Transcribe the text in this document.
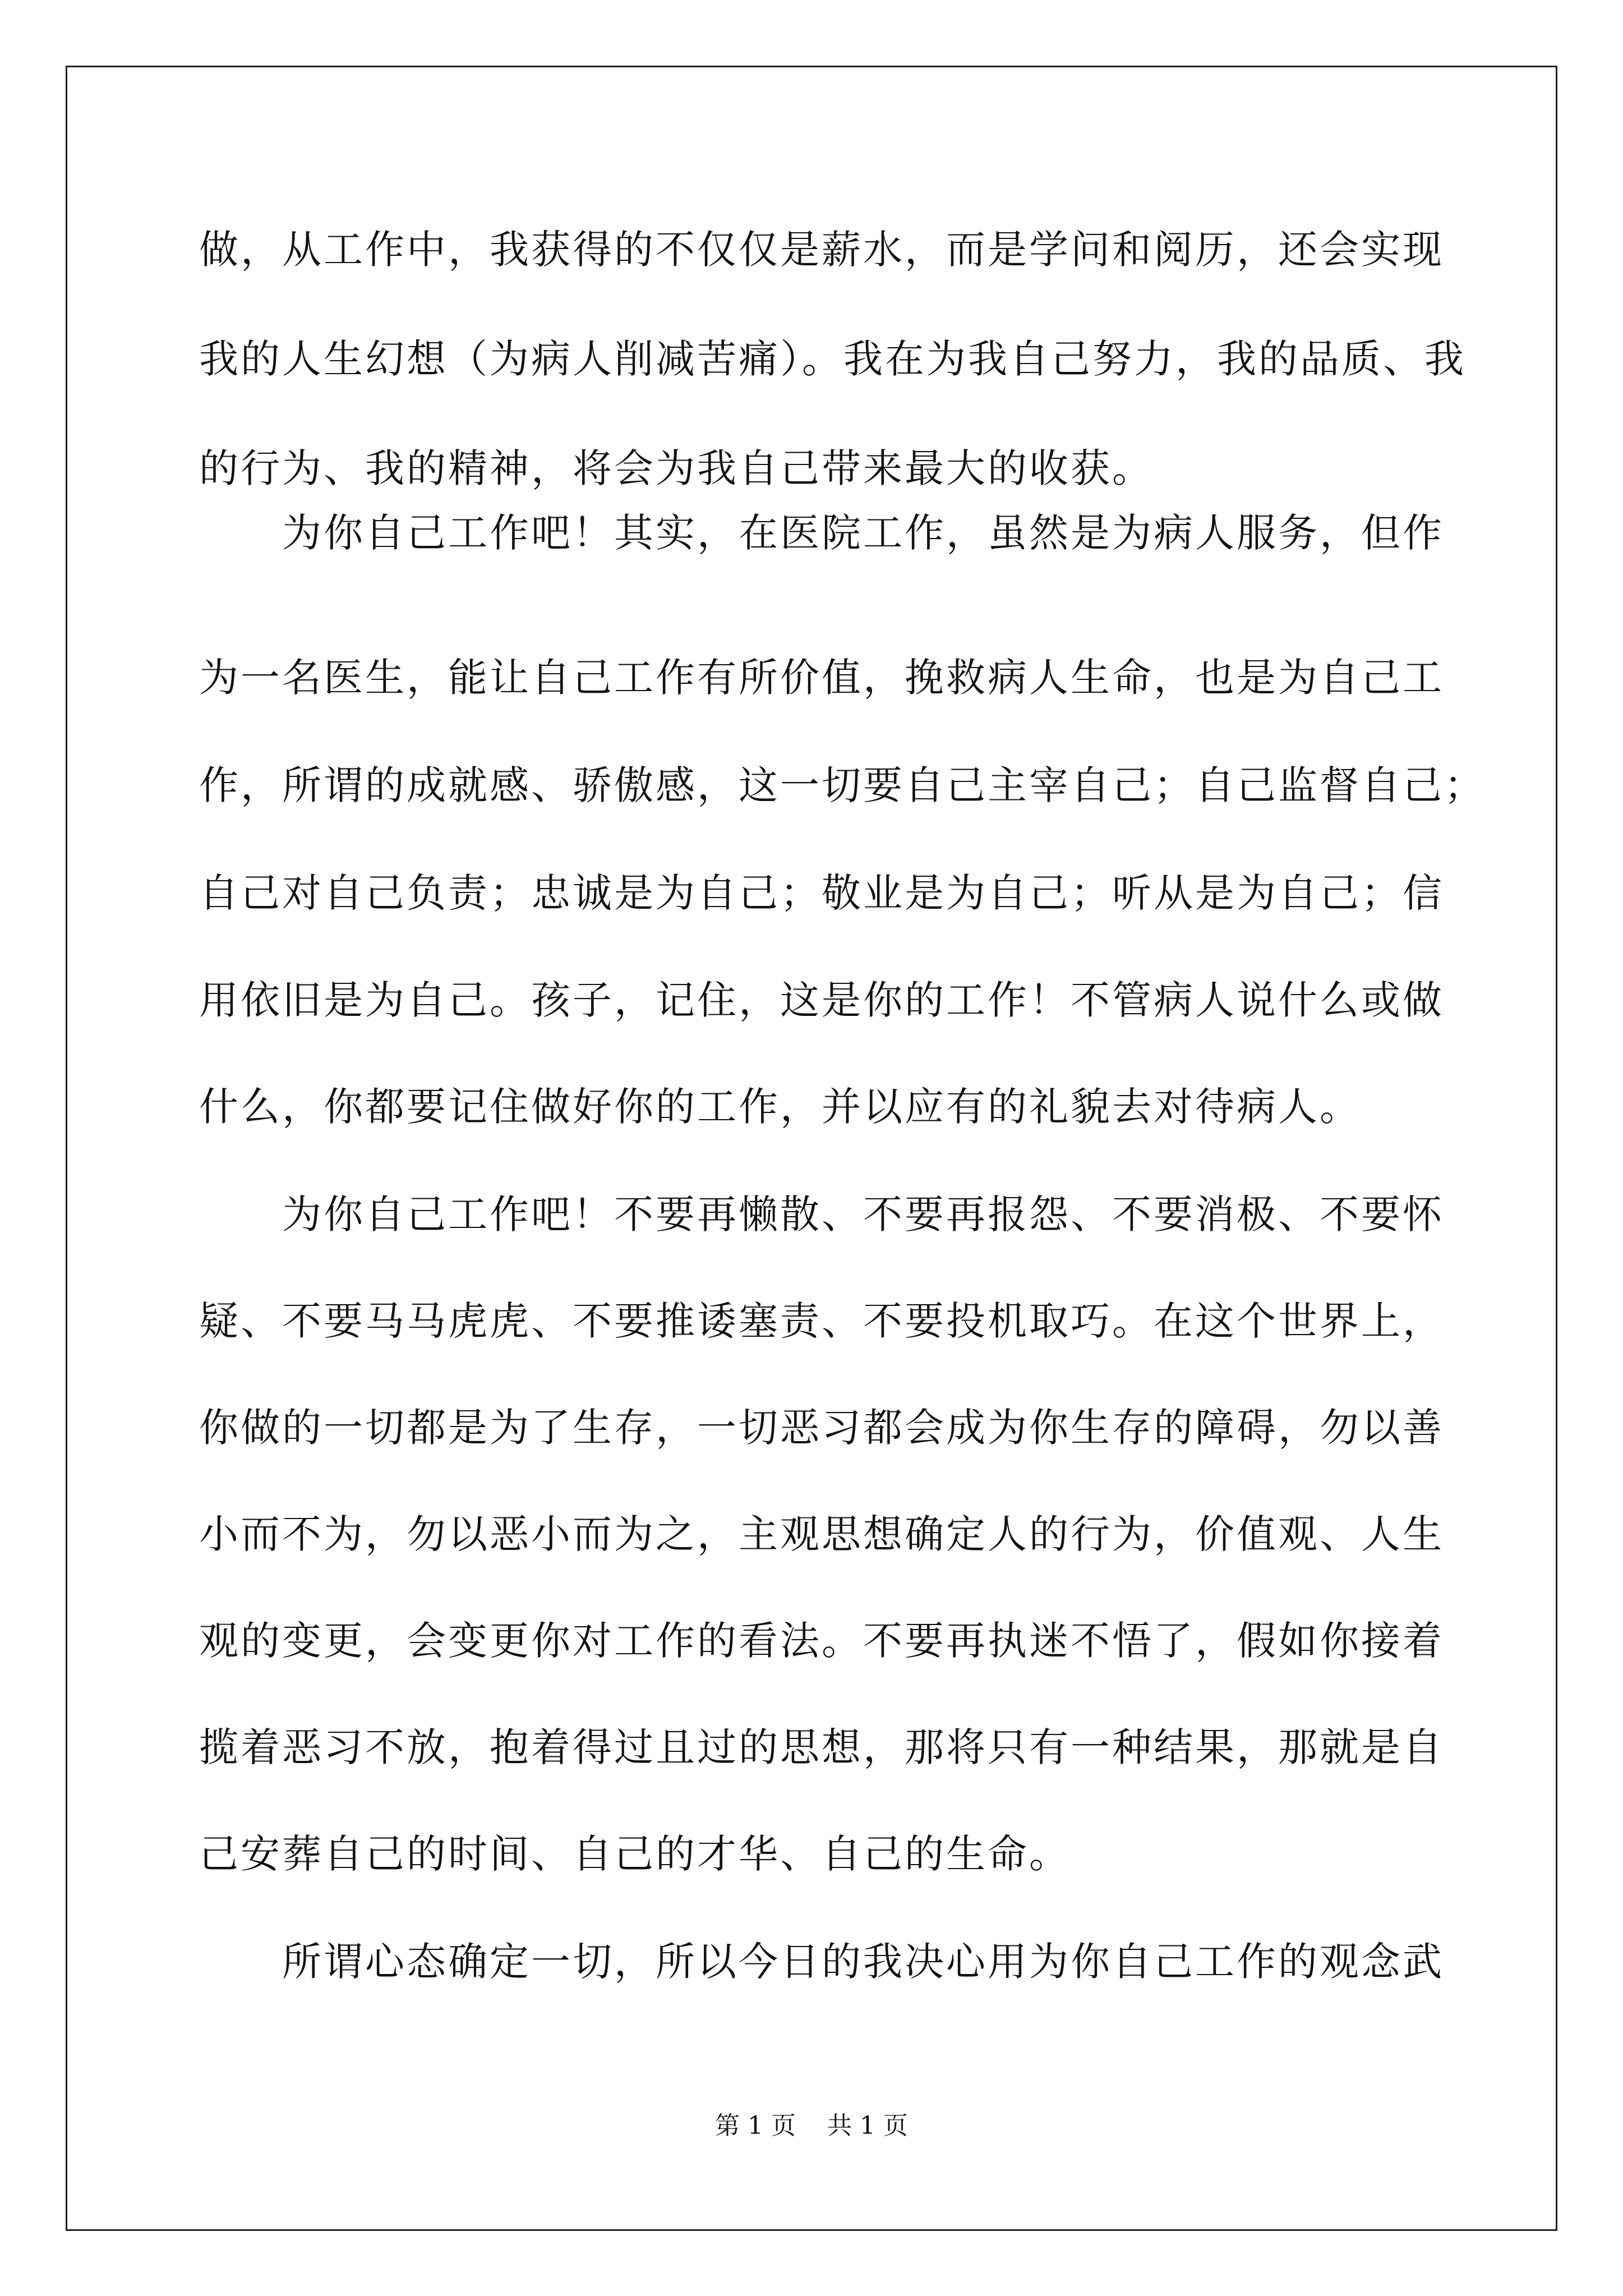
做，从工作中，我获得的不仅仅是薪水，而是学问和阅历，还会实现

我的人生幻想（为病人削减苦痛）。我在为我自己努力，我的品质、我

的行为、我的精神，将会为我自己带来最大的收获。

　　为你自己工作吧！其实，在医院工作，虽然是为病人服务，但作

为一名医生，能让自己工作有所价值，挽救病人生命，也是为自己工

作，所谓的成就感、骄傲感，这一切要自己主宰自己；自己监督自己；

自己对自己负责；忠诚是为自己；敬业是为自己；听从是为自己；信

用依旧是为自己。孩子，记住，这是你的工作！不管病人说什么或做

什么，你都要记住做好你的工作，并以应有的礼貌去对待病人。

　　为你自己工作吧！不要再懒散、不要再报怨、不要消极、不要怀

疑、不要马马虎虎、不要推诿塞责、不要投机取巧。在这个世界上，

你做的一切都是为了生存，一切恶习都会成为你生存的障碍，勿以善

小而不为，勿以恶小而为之，主观思想确定人的行为，价值观、人生

观的变更，会变更你对工作的看法。不要再执迷不悟了，假如你接着

揽着恶习不放，抱着得过且过的思想，那将只有一种结果，那就是自

己安葬自己的时间、自己的才华、自己的生命。

　　所谓心态确定一切，所以今日的我决心用为你自己工作的观念武

第 1 页    共 1 页
